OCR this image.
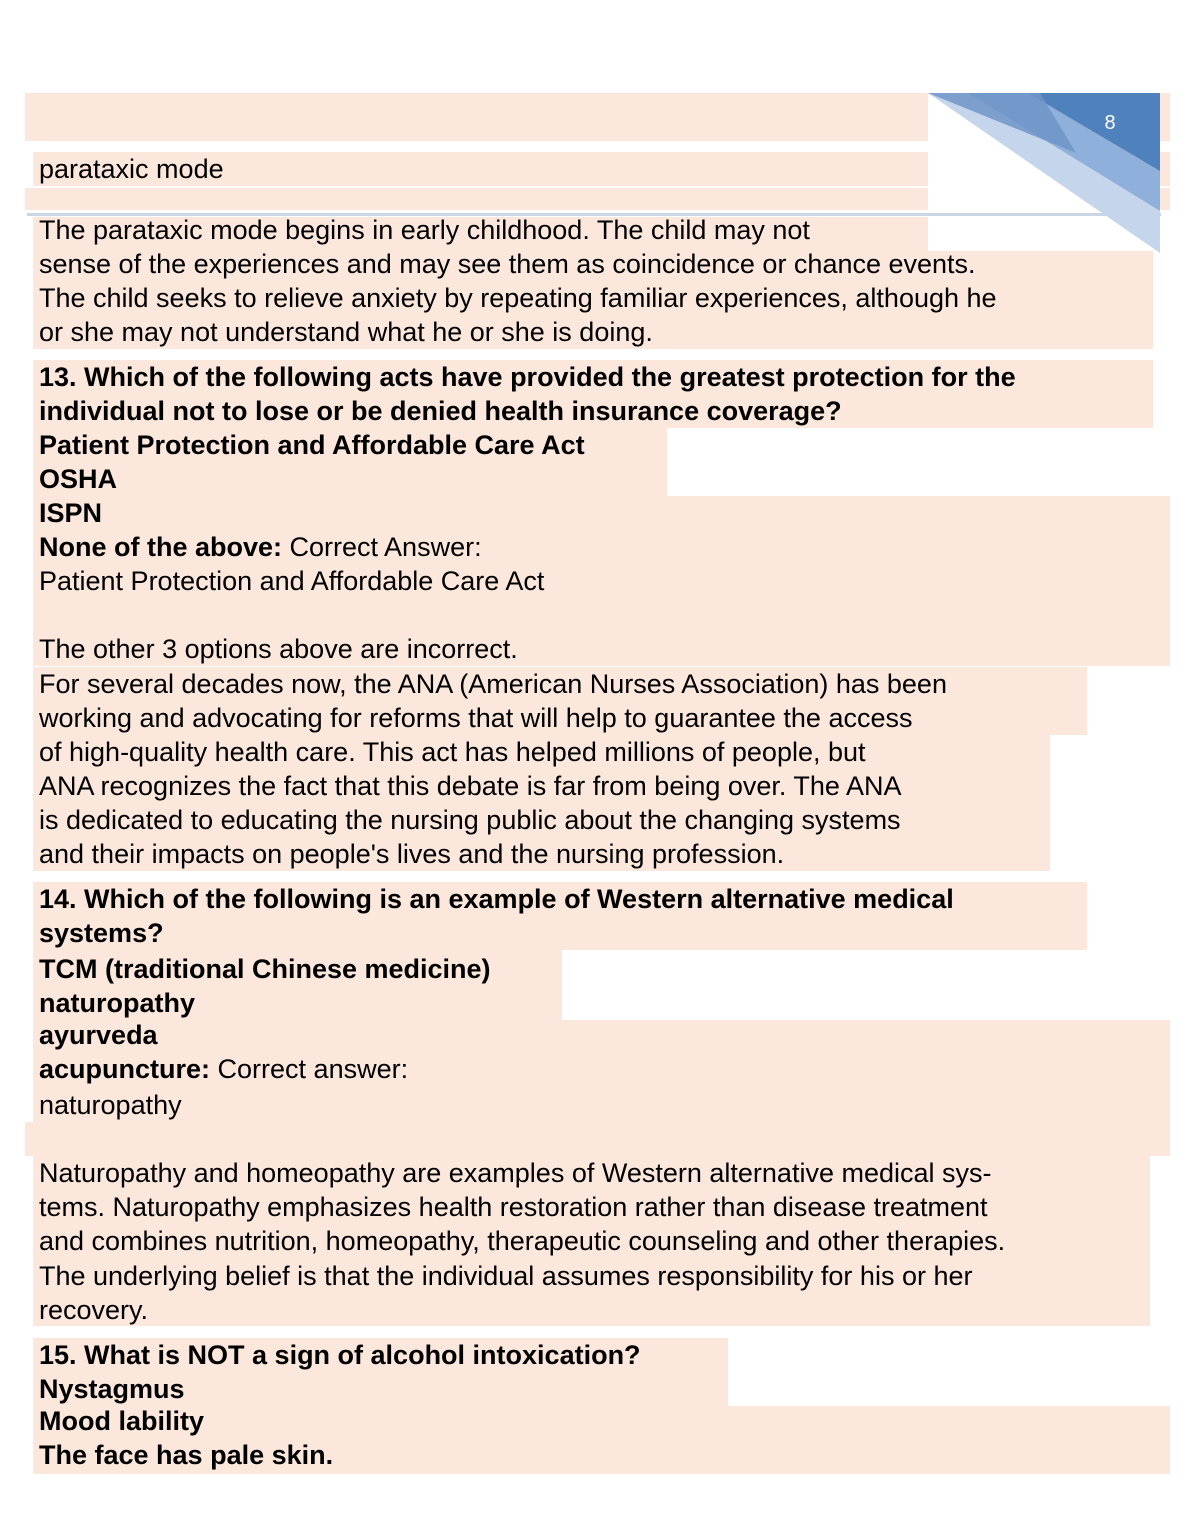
8
parataxic mode
The parataxic mode begins in early childhood. The child may not
sense of the experiences and may see them as coincidence or chance events.
The child seeks to relieve anxiety by repeating familiar experiences, although he
or she may not understand what he or she is doing.
13. Which of the following acts have provided the greatest protection for the
individual not to lose or be denied health insurance coverage?
Patient Protection and Affordable Care Act
OSHA
ISPN
None of the above: Correct Answer:
Patient Protection and Affordable Care Act
The other 3 options above are incorrect.
For several decades now, the ANA (American Nurses Association) has been
working and advocating for reforms that will help to guarantee the access
of high-quality health care. This act has helped millions of people, but
ANA recognizes the fact that this debate is far from being over. The ANA
is dedicated to educating the nursing public about the changing systems
and their impacts on people's lives and the nursing profession.
14. Which of the following is an example of Western alternative medical
systems?
TCM (traditional Chinese medicine)
naturopathy
ayurveda
acupuncture: Correct answer:
naturopathy
Naturopathy and homeopathy are examples of Western alternative medical sys-
tems. Naturopathy emphasizes health restoration rather than disease treatment
and combines nutrition, homeopathy, therapeutic counseling and other therapies.
The underlying belief is that the individual assumes responsibility for his or her
recovery.
15. What is NOT a sign of alcohol intoxication?
Nystagmus
Mood lability
The face has pale skin.
